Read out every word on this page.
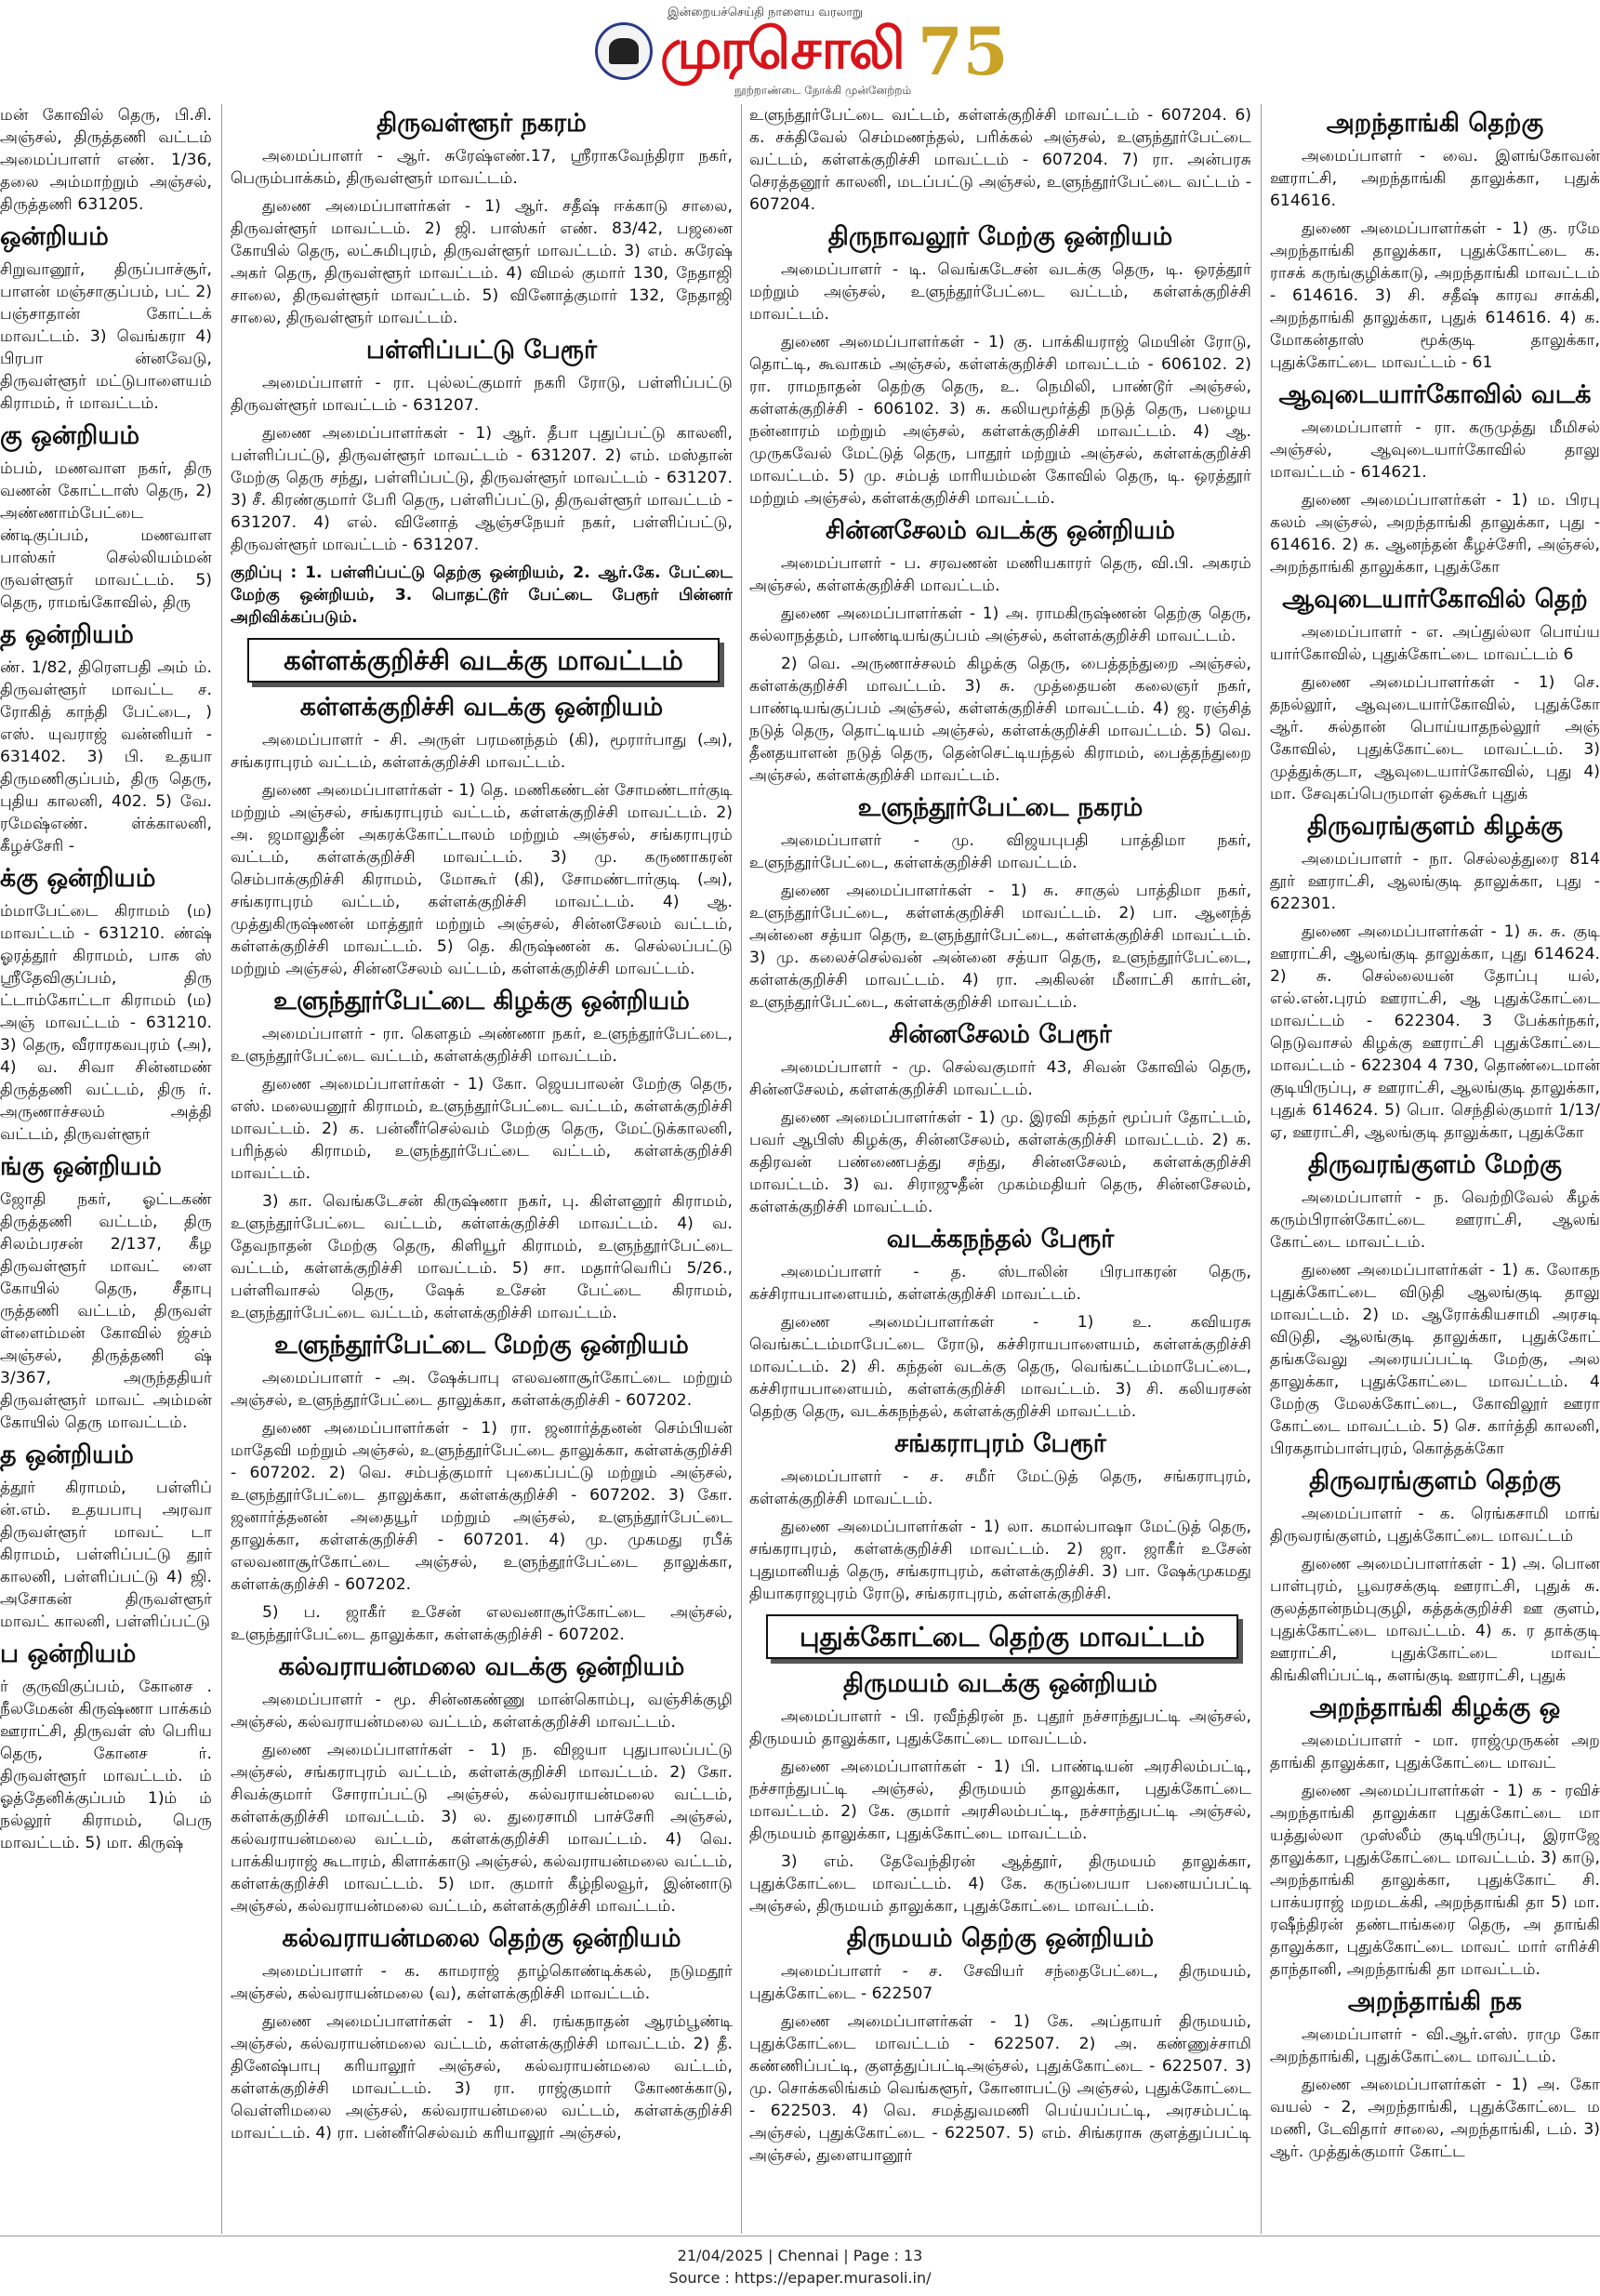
இன்றையச்செய்தி நாளைய வரலாறு
முரசொலி
நூற்றாண்டை நோக்கி முன்னேற்றம் 75

மன் கோவில் தெரு, பி.சி. அஞ்சல், திருத்தணி வட்டம் அமைப்பாளர் எண். 1/36, தலை அம்மாற்றும் அஞ்சல், திருத்தணி 631205.

ஒன்றியம்

சிறுவானூர், திருப்பாச்சூர், பாளன் மஞ்சாகுப்பம், பட் 2) பஞ்சாதான் கோட்டக் மாவட்டம். 3) வெங்கரா 4) பிரபா ன்னவேடு, திருவள்ளூர் மட்டுபாளையம் கிராமம், ர் மாவட்டம்.

கு ஒன்றியம்

ம்பம், மணவாள நகர், திரு வணன் கோட்டாஸ் தெரு, 2) அண்ணாம்பேட்டை ண்டிகுப்பம், மணவாள பாஸ்கர் செல்லியம்மன் ருவள்ளூர் மாவட்டம். 5) தெரு, ராமங்கோவில், திரு

த ஒன்றியம்

ண். 1/82, திரௌபதி அம் ம். திருவள்ளூர் மாவட்ட ச. ரோகித் காந்தி பேட்டை, ) எஸ். யுவராஜ் வன்னியர் - 631402. 3) பி. உதயா திருமணிகுப்பம், திரு தெரு, புதிய காலனி, 402. 5) வே. ரமேஷ்எண். ள்க்காலனி, கீழச்சேரி -

க்கு ஒன்றியம்

ம்மாபேட்டை கிராமம் (ம) மாவட்டம் - 631210. ண்ஷ் ஓரத்தூர் கிராமம், பாக ஸ் ஸ்ரீதேவிகுப்பம், திரு ட்டாம்கோட்டா கிராமம் (ம) அஞ் மாவட்டம் - 631210. 3) தெரு, வீராரகவபுரம் (அ), 4) வ. சிவா சின்னமண் திருத்தணி வட்டம், திரு ர். அருணாச்சலம் அத்தி வட்டம், திருவள்ளூர்

ங்கு ஒன்றியம்

ஜோதி நகர், ஓட்டகண் திருத்தணி வட்டம், திரு சிலம்பரசன் 2/137, கீழ திருவள்ளூர் மாவட் ளை கோயில் தெரு, சீதாபு ருத்தணி வட்டம், திருவள் ள்ளைம்மன் கோவில் ஜ்சம் அஞ்சல், திருத்தணி ஷ் 3/367, அருந்ததியர் திருவள்ளூர் மாவட் அம்மன் கோயில் தெரு மாவட்டம்.

த ஒன்றியம்

த்தூர் கிராமம், பள்ளிப் ன்.எம். உதயபாபு அரவா திருவள்ளூர் மாவட் டா கிராமம், பள்ளிப்பட்டு தூர் காலனி, பள்ளிப்பட்டு 4) ஜி. அசோகன் திருவள்ளூர் மாவட் காலனி, பள்ளிப்பட்டு

ப ஒன்றியம்

ர் குருவிகுப்பம், கோனச . நீலமேகன் கிருஷ்ணா பாக்கம் ஊராட்சி, திருவள் ஸ் பெரிய தெரு, கோனச ர். திருவள்ளூர் மாவட்டம். ம் ஓத்தேனிக்குப்பம் 1)ம் ம் நல்லூர் கிராமம், பெரு மாவட்டம். 5) மா. கிருஷ்

திருவள்ளூர் நகரம்

அமைப்பாளர் - ஆர். சுரேஷ்எண்.17, ஸ்ரீராகவேந்திரா நகர், பெரும்பாக்கம், திருவள்ளூர் மாவட்டம்.

துணை அமைப்பாளர்கள் - 1) ஆர். சதீஷ் ஈக்காடு சாலை, திருவள்ளூர் மாவட்டம். 2) ஜி. பாஸ்கர் எண். 83/42, பஜனை கோயில் தெரு, லட்சுமிபுரம், திருவள்ளூர் மாவட்டம். 3) எம். சுரேஷ் அகர் தெரு, திருவள்ளூர் மாவட்டம். 4) விமல் குமார் 130, நேதாஜி சாலை, திருவள்ளூர் மாவட்டம். 5) வினோத்குமார் 132, நேதாஜி சாலை, திருவள்ளூர் மாவட்டம்.

பள்ளிப்பட்டு பேரூர்

அமைப்பாளர் - ரா. புல்லட்குமார் நகரி ரோடு, பள்ளிப்பட்டு திருவள்ளூர் மாவட்டம் - 631207.

துணை அமைப்பாளர்கள் - 1) ஆர். தீபா புதுப்பட்டு காலனி, பள்ளிப்பட்டு, திருவள்ளூர் மாவட்டம் - 631207. 2) எம். மஸ்தான் மேற்கு தெரு சந்து, பள்ளிப்பட்டு, திருவள்ளூர் மாவட்டம் - 631207. 3) சீ. கிரண்குமார் பேரி தெரு, பள்ளிப்பட்டு, திருவள்ளூர் மாவட்டம் - 631207. 4) எல். வினோத் ஆஞ்சநேயர் நகர், பள்ளிப்பட்டு, திருவள்ளூர் மாவட்டம் - 631207.

குறிப்பு : 1. பள்ளிப்பட்டு தெற்கு ஒன்றியம், 2. ஆர்.கே. பேட்டை மேற்கு ஒன்றியம், 3. பொதட்டூர் பேட்டை பேரூர் பின்னர் அறிவிக்கப்படும்.

கள்ளக்குறிச்சி வடக்கு மாவட்டம்
கள்ளக்குறிச்சி வடக்கு ஒன்றியம்

அமைப்பாளர் - சி. அருள் பரமனந்தம் (கி), மூரார்பாது (அ), சங்கராபுரம் வட்டம், கள்ளக்குறிச்சி மாவட்டம்.

துணை அமைப்பாளர்கள் - 1) தெ. மணிகண்டன் சோமண்டார்குடி மற்றும் அஞ்சல், சங்கராபுரம் வட்டம், கள்ளக்குறிச்சி மாவட்டம். 2) அ. ஜமாலுதீன் அகரக்கோட்டாலம் மற்றும் அஞ்சல், சங்கராபுரம் வட்டம், கள்ளக்குறிச்சி மாவட்டம். 3) மு. கருணாகரன் செம்பாக்குறிச்சி கிராமம், மோகூர் (கி), சோமண்டார்குடி (அ), சங்கராபுரம் வட்டம், கள்ளக்குறிச்சி மாவட்டம். 4) ஆ. முத்துகிருஷ்ணன் மாத்தூர் மற்றும் அஞ்சல், சின்னசேலம் வட்டம், கள்ளக்குறிச்சி மாவட்டம். 5) தெ. கிருஷ்ணன் க. செல்லப்பட்டு மற்றும் அஞ்சல், சின்னசேலம் வட்டம், கள்ளக்குறிச்சி மாவட்டம்.

உளுந்தூர்பேட்டை கிழக்கு ஒன்றியம்

அமைப்பாளர் - ரா. கௌதம் அண்ணா நகர், உளுந்தூர்பேட்டை, உளுந்தூர்பேட்டை வட்டம், கள்ளக்குறிச்சி மாவட்டம்.

துணை அமைப்பாளர்கள் - 1) கோ. ஜெயபாலன் மேற்கு தெரு, எஸ். மலையனூர் கிராமம், உளுந்தூர்பேட்டை வட்டம், கள்ளக்குறிச்சி மாவட்டம். 2) க. பன்னீர்செல்வம் மேற்கு தெரு, மேட்டுக்காலனி, பரிந்தல் கிராமம், உளுந்தூர்பேட்டை வட்டம், கள்ளக்குறிச்சி மாவட்டம்.

3) கா. வெங்கடேசன் கிருஷ்ணா நகர், பு. கிள்ளனூர் கிராமம், உளுந்தூர்பேட்டை வட்டம், கள்ளக்குறிச்சி மாவட்டம். 4) வ. தேவநாதன் மேற்கு தெரு, கிளியூர் கிராமம், உளுந்தூர்பேட்டை வட்டம், கள்ளக்குறிச்சி மாவட்டம். 5) சா. மதார்வெரிப் 5/26., பள்ளிவாசல் தெரு, ஷேக் உசேன் பேட்டை கிராமம், உளுந்தூர்பேட்டை வட்டம், கள்ளக்குறிச்சி மாவட்டம்.

உளுந்தூர்பேட்டை மேற்கு ஒன்றியம்

அமைப்பாளர் - அ. ஷேக்பாபு எலவனாசூர்கோட்டை மற்றும் அஞ்சல், உளுந்தூர்பேட்டை தாலுக்கா, கள்ளக்குறிச்சி - 607202.

துணை அமைப்பாளர்கள் - 1) ரா. ஜனார்த்தனன் செம்பியன் மாதேவி மற்றும் அஞ்சல், உளுந்தூர்பேட்டை தாலுக்கா, கள்ளக்குறிச்சி - 607202. 2) வெ. சம்பத்குமார் புகைப்பட்டு மற்றும் அஞ்சல், உளுந்தூர்பேட்டை தாலுக்கா, கள்ளக்குறிச்சி - 607202. 3) கோ. ஜனார்த்தனன் அதையூர் மற்றும் அஞ்சல், உளுந்தூர்பேட்டை தாலுக்கா, கள்ளக்குறிச்சி - 607201. 4) மு. முகமது ரபீக் எலவனாசூர்கோட்டை அஞ்சல், உளுந்தூர்பேட்டை தாலுக்கா, கள்ளக்குறிச்சி - 607202.

5) ப. ஜாகீர் உசேன் எலவனாசூர்கோட்டை அஞ்சல், உளுந்தூர்பேட்டை தாலுக்கா, கள்ளக்குறிச்சி - 607202.

கல்வராயன்மலை வடக்கு ஒன்றியம்

அமைப்பாளர் - மூ. சின்னகண்ணு மான்கொம்பு, வஞ்சிக்குழி அஞ்சல், கல்வராயன்மலை வட்டம், கள்ளக்குறிச்சி மாவட்டம்.

துணை அமைப்பாளர்கள் - 1) ந. விஜயா புதுபாலப்பட்டு அஞ்சல், சங்கராபுரம் வட்டம், கள்ளக்குறிச்சி மாவட்டம். 2) கோ. சிவக்குமார் சோராப்பட்டு அஞ்சல், கல்வராயன்மலை வட்டம், கள்ளக்குறிச்சி மாவட்டம். 3) ல. துரைசாமி பாச்சேரி அஞ்சல், கல்வராயன்மலை வட்டம், கள்ளக்குறிச்சி மாவட்டம். 4) வெ. பாக்கியராஜ் கூடாரம், கிளாக்காடு அஞ்சல், கல்வராயன்மலை வட்டம், கள்ளக்குறிச்சி மாவட்டம். 5) மா. குமார் கீழ்நிலவூர், இன்னாடு அஞ்சல், கல்வராயன்மலை வட்டம், கள்ளக்குறிச்சி மாவட்டம்.

கல்வராயன்மலை தெற்கு ஒன்றியம்

அமைப்பாளர் - க. காமராஜ் தாழ்கொண்டிக்கல், நடுமதூர் அஞ்சல், கல்வராயன்மலை (வ), கள்ளக்குறிச்சி மாவட்டம்.

துணை அமைப்பாளர்கள் - 1) சி. ரங்கநாதன் ஆரம்பூண்டி அஞ்சல், கல்வராயன்மலை வட்டம், கள்ளக்குறிச்சி மாவட்டம். 2) தீ. தினேஷ்பாபு கரியாலூர் அஞ்சல், கல்வராயன்மலை வட்டம், கள்ளக்குறிச்சி மாவட்டம். 3) ரா. ராஜ்குமார் கோணக்காடு, வெள்ளிமலை அஞ்சல், கல்வராயன்மலை வட்டம், கள்ளக்குறிச்சி மாவட்டம். 4) ரா. பன்னீர்செல்வம் கரியாலூர் அஞ்சல்,

உளுந்தூர்பேட்டை வட்டம், கள்ளக்குறிச்சி மாவட்டம் - 607204. 6) க. சக்திவேல் செம்மணந்தல், பரிக்கல் அஞ்சல், உளுந்தூர்பேட்டை வட்டம், கள்ளக்குறிச்சி மாவட்டம் - 607204. 7) ரா. அன்பரசு செரத்தனூர் காலனி, மடப்பட்டு அஞ்சல், உளுந்தூர்பேட்டை வட்டம் - 607204.

திருநாவலூர் மேற்கு ஒன்றியம்

அமைப்பாளர் - டி. வெங்கடேசன் வடக்கு தெரு, டி. ஒரத்தூர் மற்றும் அஞ்சல், உளுந்தூர்பேட்டை வட்டம், கள்ளக்குறிச்சி மாவட்டம்.

துணை அமைப்பாளர்கள் - 1) கு. பாக்கியராஜ் மெயின் ரோடு, தொட்டி, கூவாகம் அஞ்சல், கள்ளக்குறிச்சி மாவட்டம் - 606102. 2) ரா. ராமநாதன் தெற்கு தெரு, உ. நெமிலி, பாண்டூர் அஞ்சல், கள்ளக்குறிச்சி - 606102. 3) சு. கலியமூர்த்தி நடுத் தெரு, பழைய நன்னாரம் மற்றும் அஞ்சல், கள்ளக்குறிச்சி மாவட்டம். 4) ஆ. முருகவேல் மேட்டுத் தெரு, பாதூர் மற்றும் அஞ்சல், கள்ளக்குறிச்சி மாவட்டம். 5) மு. சம்பத் மாரியம்மன் கோவில் தெரு, டி. ஒரத்தூர் மற்றும் அஞ்சல், கள்ளக்குறிச்சி மாவட்டம்.

சின்னசேலம் வடக்கு ஒன்றியம்

அமைப்பாளர் - ப. சரவணன் மணியகாரர் தெரு, வி.பி. அகரம் அஞ்சல், கள்ளக்குறிச்சி மாவட்டம்.

துணை அமைப்பாளர்கள் - 1) அ. ராமகிருஷ்ணன் தெற்கு தெரு, கல்லாநத்தம், பாண்டியங்குப்பம் அஞ்சல், கள்ளக்குறிச்சி மாவட்டம்.

2) வெ. அருணாச்சலம் கிழக்கு தெரு, பைத்தந்துறை அஞ்சல், கள்ளக்குறிச்சி மாவட்டம். 3) சு. முத்தையன் கலைஞர் நகர், பாண்டியங்குப்பம் அஞ்சல், கள்ளக்குறிச்சி மாவட்டம். 4) ஜ. ரஞ்சித் நடுத் தெரு, தொட்டியம் அஞ்சல், கள்ளக்குறிச்சி மாவட்டம். 5) வெ. தீனதயாளன் நடுத் தெரு, தென்செட்டியந்தல் கிராமம், பைத்தந்துறை அஞ்சல், கள்ளக்குறிச்சி மாவட்டம்.

உளுந்தூர்பேட்டை நகரம்

அமைப்பாளர் - மு. விஜயபுபதி பாத்திமா நகர், உளுந்தூர்பேட்டை, கள்ளக்குறிச்சி மாவட்டம்.

துணை அமைப்பாளர்கள் - 1) சு. சாகுல் பாத்திமா நகர், உளுந்தூர்பேட்டை, கள்ளக்குறிச்சி மாவட்டம். 2) பா. ஆனந்த் அன்னை சத்யா தெரு, உளுந்தூர்பேட்டை, கள்ளக்குறிச்சி மாவட்டம். 3) மு. கலைச்செல்வன் அன்னை சத்யா தெரு, உளுந்தூர்பேட்டை, கள்ளக்குறிச்சி மாவட்டம். 4) ரா. அகிலன் மீனாட்சி கார்டன், உளுந்தூர்பேட்டை, கள்ளக்குறிச்சி மாவட்டம்.

சின்னசேலம் பேரூர்

அமைப்பாளர் - மு. செல்வகுமார் 43, சிவன் கோவில் தெரு, சின்னசேலம், கள்ளக்குறிச்சி மாவட்டம்.

துணை அமைப்பாளர்கள் - 1) மு. இரவி கந்தர் மூப்பர் தோட்டம், பவர் ஆபிஸ் கிழக்கு, சின்னசேலம், கள்ளக்குறிச்சி மாவட்டம். 2) க. கதிரவன் பண்ணைபத்து சந்து, சின்னசேலம், கள்ளக்குறிச்சி மாவட்டம். 3) வ. சிராஜுதீன் முகம்மதியர் தெரு, சின்னசேலம், கள்ளக்குறிச்சி மாவட்டம்.

வடக்கநந்தல் பேரூர்

அமைப்பாளர் - த. ஸ்டாலின் பிரபாகரன் தெரு, கச்சிராயபாளையம், கள்ளக்குறிச்சி மாவட்டம்.

துணை அமைப்பாளர்கள் - 1) உ. கவியரசு வெங்கட்டம்மாபேட்டை ரோடு, கச்சிராயபாளையம், கள்ளக்குறிச்சி மாவட்டம். 2) சி. கந்தன் வடக்கு தெரு, வெங்கட்டம்மாபேட்டை, கச்சிராயபாளையம், கள்ளக்குறிச்சி மாவட்டம். 3) சி. கலியரசன் தெற்கு தெரு, வடக்கநந்தல், கள்ளக்குறிச்சி மாவட்டம்.

சங்கராபுரம் பேரூர்

அமைப்பாளர் - ச. சமீர் மேட்டுத் தெரு, சங்கராபுரம், கள்ளக்குறிச்சி மாவட்டம்.

துணை அமைப்பாளர்கள் - 1) லா. கமால்பாஷா மேட்டுத் தெரு, சங்கராபுரம், கள்ளக்குறிச்சி மாவட்டம். 2) ஜா. ஜாகீர் உசேன் புதுமானியத் தெரு, சங்கராபுரம், கள்ளக்குறிச்சி. 3) பா. ஷேக்முகமது தியாகராஜபுரம் ரோடு, சங்கராபுரம், கள்ளக்குறிச்சி.

புதுக்கோட்டை தெற்கு மாவட்டம்
திருமயம் வடக்கு ஒன்றியம்

அமைப்பாளர் - பி. ரவீந்திரன் ந. புதூர் நச்சாந்துபட்டி அஞ்சல், திருமயம் தாலுக்கா, புதுக்கோட்டை மாவட்டம்.

துணை அமைப்பாளர்கள் - 1) பி. பாண்டியன் அரசிலம்பட்டி, நச்சாந்துபட்டி அஞ்சல், திருமயம் தாலுக்கா, புதுக்கோட்டை மாவட்டம். 2) கே. குமார் அரசிலம்பட்டி, நச்சாந்துபட்டி அஞ்சல், திருமயம் தாலுக்கா, புதுக்கோட்டை மாவட்டம்.

3) எம். தேவேந்திரன் ஆத்தூர், திருமயம் தாலுக்கா, புதுக்கோட்டை மாவட்டம். 4) கே. கருப்பையா பனையப்பட்டி அஞ்சல், திருமயம் தாலுக்கா, புதுக்கோட்டை மாவட்டம்.

திருமயம் தெற்கு ஒன்றியம்

அமைப்பாளர் - ச. சேவியர் சந்தைபேட்டை, திருமயம், புதுக்கோட்டை - 622507

துணை அமைப்பாளர்கள் - 1) கே. அப்தாயர் திருமயம், புதுக்கோட்டை மாவட்டம் - 622507. 2) அ. கண்ணுச்சாமி கண்ணிப்பட்டி, குளத்துப்பட்டிஅஞ்சல், புதுக்கோட்டை - 622507. 3) மு. சொக்கலிங்கம் வெங்களூர், கோனாபட்டு அஞ்சல், புதுக்கோட்டை - 622503. 4) வெ. சமத்துவமணி பெய்யப்பட்டி, அரசம்பட்டி அஞ்சல், புதுக்கோட்டை - 622507. 5) எம். சிங்கராசு குளத்துப்பட்டி அஞ்சல், துளையானூர்

அறந்தாங்கி தெற்கு

அமைப்பாளர் - வை. இளங்கோவன் ஊராட்சி, அறந்தாங்கி தாலுக்கா, புதுக் 614616.

துணை அமைப்பாளர்கள் - 1) கு. ரமே அறந்தாங்கி தாலுக்கா, புதுக்கோட்டை க. ராசக் கருங்குழிக்காடு, அறந்தாங்கி மாவட்டம் - 614616. 3) சி. சதீஷ் காரவ சாக்கி, அறந்தாங்கி தாலுக்கா, புதுக் 614616. 4) க. மோகன்தாஸ் மூக்குடி தாலுக்கா, புதுக்கோட்டை மாவட்டம் - 61

ஆவுடையார்கோவில் வடக்

அமைப்பாளர் - ரா. கருமுத்து மீமிசல் அஞ்சல், ஆவுடையார்கோவில் தாலு மாவட்டம் - 614621.

துணை அமைப்பாளர்கள் - 1) ம. பிரபு கலம் அஞ்சல், அறந்தாங்கி தாலுக்கா, புது - 614616. 2) க. ஆனந்தன் கீழச்சேரி, அஞ்சல், அறந்தாங்கி தாலுக்கா, புதுக்கோ

ஆவுடையார்கோவில் தெற்

அமைப்பாளர் - எ. அப்துல்லா பொய்ய யார்கோவில், புதுக்கோட்டை மாவட்டம் 6

துணை அமைப்பாளர்கள் - 1) செ. தநல்லூர், ஆவுடையார்கோவில், புதுக்கோ ஆர். சுல்தான் பொய்யாதநல்லூர் அஞ் கோவில், புதுக்கோட்டை மாவட்டம். 3) முத்துக்குடா, ஆவுடையார்கோவில், புது 4) மா. சேவுகப்பெருமாள் ஒக்கூர் புதுக்

திருவரங்குளம் கிழக்கு

அமைப்பாளர் - நா. செல்லத்துரை 814 தூர் ஊராட்சி, ஆலங்குடி தாலுக்கா, புது - 622301.

துணை அமைப்பாளர்கள் - 1) சு. சு. குடி ஊராட்சி, ஆலங்குடி தாலுக்கா, புது 614624. 2) சு. செல்லையன் தோப்பு யல், எல்.என்.புரம் ஊராட்சி, ஆ புதுக்கோட்டை மாவட்டம் - 622304. 3 பேக்கர்நகர், நெடுவாசல் கிழக்கு ஊராட்சி புதுக்கோட்டை மாவட்டம் - 622304 4 730, தொண்டைமான் குடியிருப்பு, ச ஊராட்சி, ஆலங்குடி தாலுக்கா, புதுக் 614624. 5) பொ. செந்தில்குமார் 1/13/ஏ, ஊராட்சி, ஆலங்குடி தாலுக்கா, புதுக்கோ

திருவரங்குளம் மேற்கு

அமைப்பாளர் - ந. வெற்றிவேல் கீழக் கரும்பிரான்கோட்டை ஊராட்சி, ஆலங் கோட்டை மாவட்டம்.

துணை அமைப்பாளர்கள் - 1) க. லோகந புதுக்கோட்டை விடுதி ஆலங்குடி தாலு மாவட்டம். 2) ம. ஆரோக்கியசாமி அரசடி விடுதி, ஆலங்குடி தாலுக்கா, புதுக்கோட் தங்கவேலு அரையப்பட்டி மேற்கு, அல தாலுக்கா, புதுக்கோட்டை மாவட்டம். 4 மேற்கு மேலக்கோட்டை, கோவிலூர் ஊரா கோட்டை மாவட்டம். 5) செ. கார்த்தி காலனி, பிரகதாம்பாள்புரம், கொத்தக்கோ

திருவரங்குளம் தெற்கு

அமைப்பாளர் - க. ரெங்கசாமி மாங் திருவரங்குளம், புதுக்கோட்டை மாவட்டம்

துணை அமைப்பாளர்கள் - 1) அ. பொன பாள்புரம், பூவரசக்குடி ஊராட்சி, புதுக் சு. குலத்தான்நம்புகுழி, கத்தக்குறிச்சி ஊ குளம், புதுக்கோட்டை மாவட்டம். 4) க. ர தாக்குடி ஊராட்சி, புதுக்கோட்டை மாவட் கிங்கிளிப்பட்டி, களங்குடி ஊராட்சி, புதுக்

அறந்தாங்கி கிழக்கு ஒ

அமைப்பாளர் - மா. ராஜ்முருகன் அற தாங்கி தாலுக்கா, புதுக்கோட்டை மாவட்

துணை அமைப்பாளர்கள் - 1) க - ரவிச் அறந்தாங்கி தாலுக்கா புதுக்கோட்டை மா யத்துல்லா முஸ்லீம் குடியிருப்பு, இராஜே தாலுக்கா, புதுக்கோட்டை மாவட்டம். 3) காடு, அறந்தாங்கி தாலுக்கா, புதுக்கோட் சி. பாக்யராஜ் மறமடக்கி, அறந்தாங்கி தா 5) மா. ரஷீந்திரன் தண்டாங்கரை தெரு, அ தாங்கி தாலுக்கா, புதுக்கோட்டை மாவட் மார் எரிச்சி தாந்தானி, அறந்தாங்கி தா மாவட்டம்.

அறந்தாங்கி நக

அமைப்பாளர் - வி.ஆர்.எஸ். ராமு கோ அறந்தாங்கி, புதுக்கோட்டை மாவட்டம்.

துணை அமைப்பாளர்கள் - 1) அ. கோ வயல் - 2, அறந்தாங்கி, புதுக்கோட்டை ம மணி, டேவிதார் சாலை, அறந்தாங்கி, டம். 3) ஆர். முத்துக்குமார் கோட்ட

21/04/2025 | Chennai | Page : 13
Source : https://epaper.murasoli.in/
